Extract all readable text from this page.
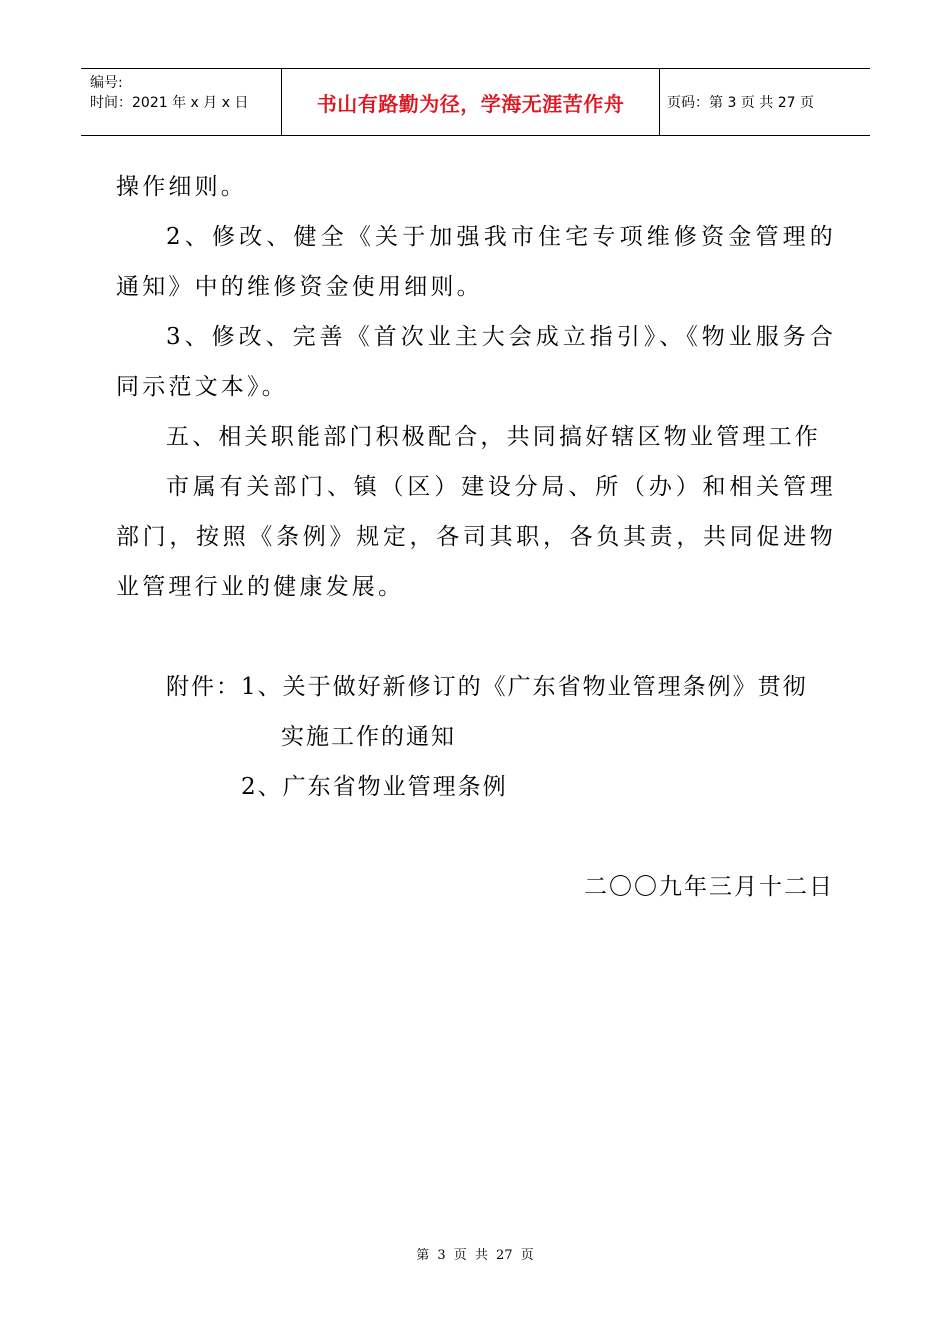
编号:
时间：2021 年 x 月 x 日	书山有路勤为径，学海无涯苦作舟	页码：第 3 页 共 27 页

操作细则。

2、修改、健全《关于加强我市住宅专项维修资金管理的通知》中的维修资金使用细则。

3、修改、完善《首次业主大会成立指引》、《物业服务合同示范文本》。

五、相关职能部门积极配合，共同搞好辖区物业管理工作

市属有关部门、镇（区）建设分局、所（办）和相关管理部门，按照《条例》规定，各司其职，各负其责，共同促进物业管理行业的健康发展。

附件：1、关于做好新修订的《广东省物业管理条例》贯彻
实施工作的通知
2、广东省物业管理条例
二〇〇九年三月十二日
第 3 页 共 27 页
